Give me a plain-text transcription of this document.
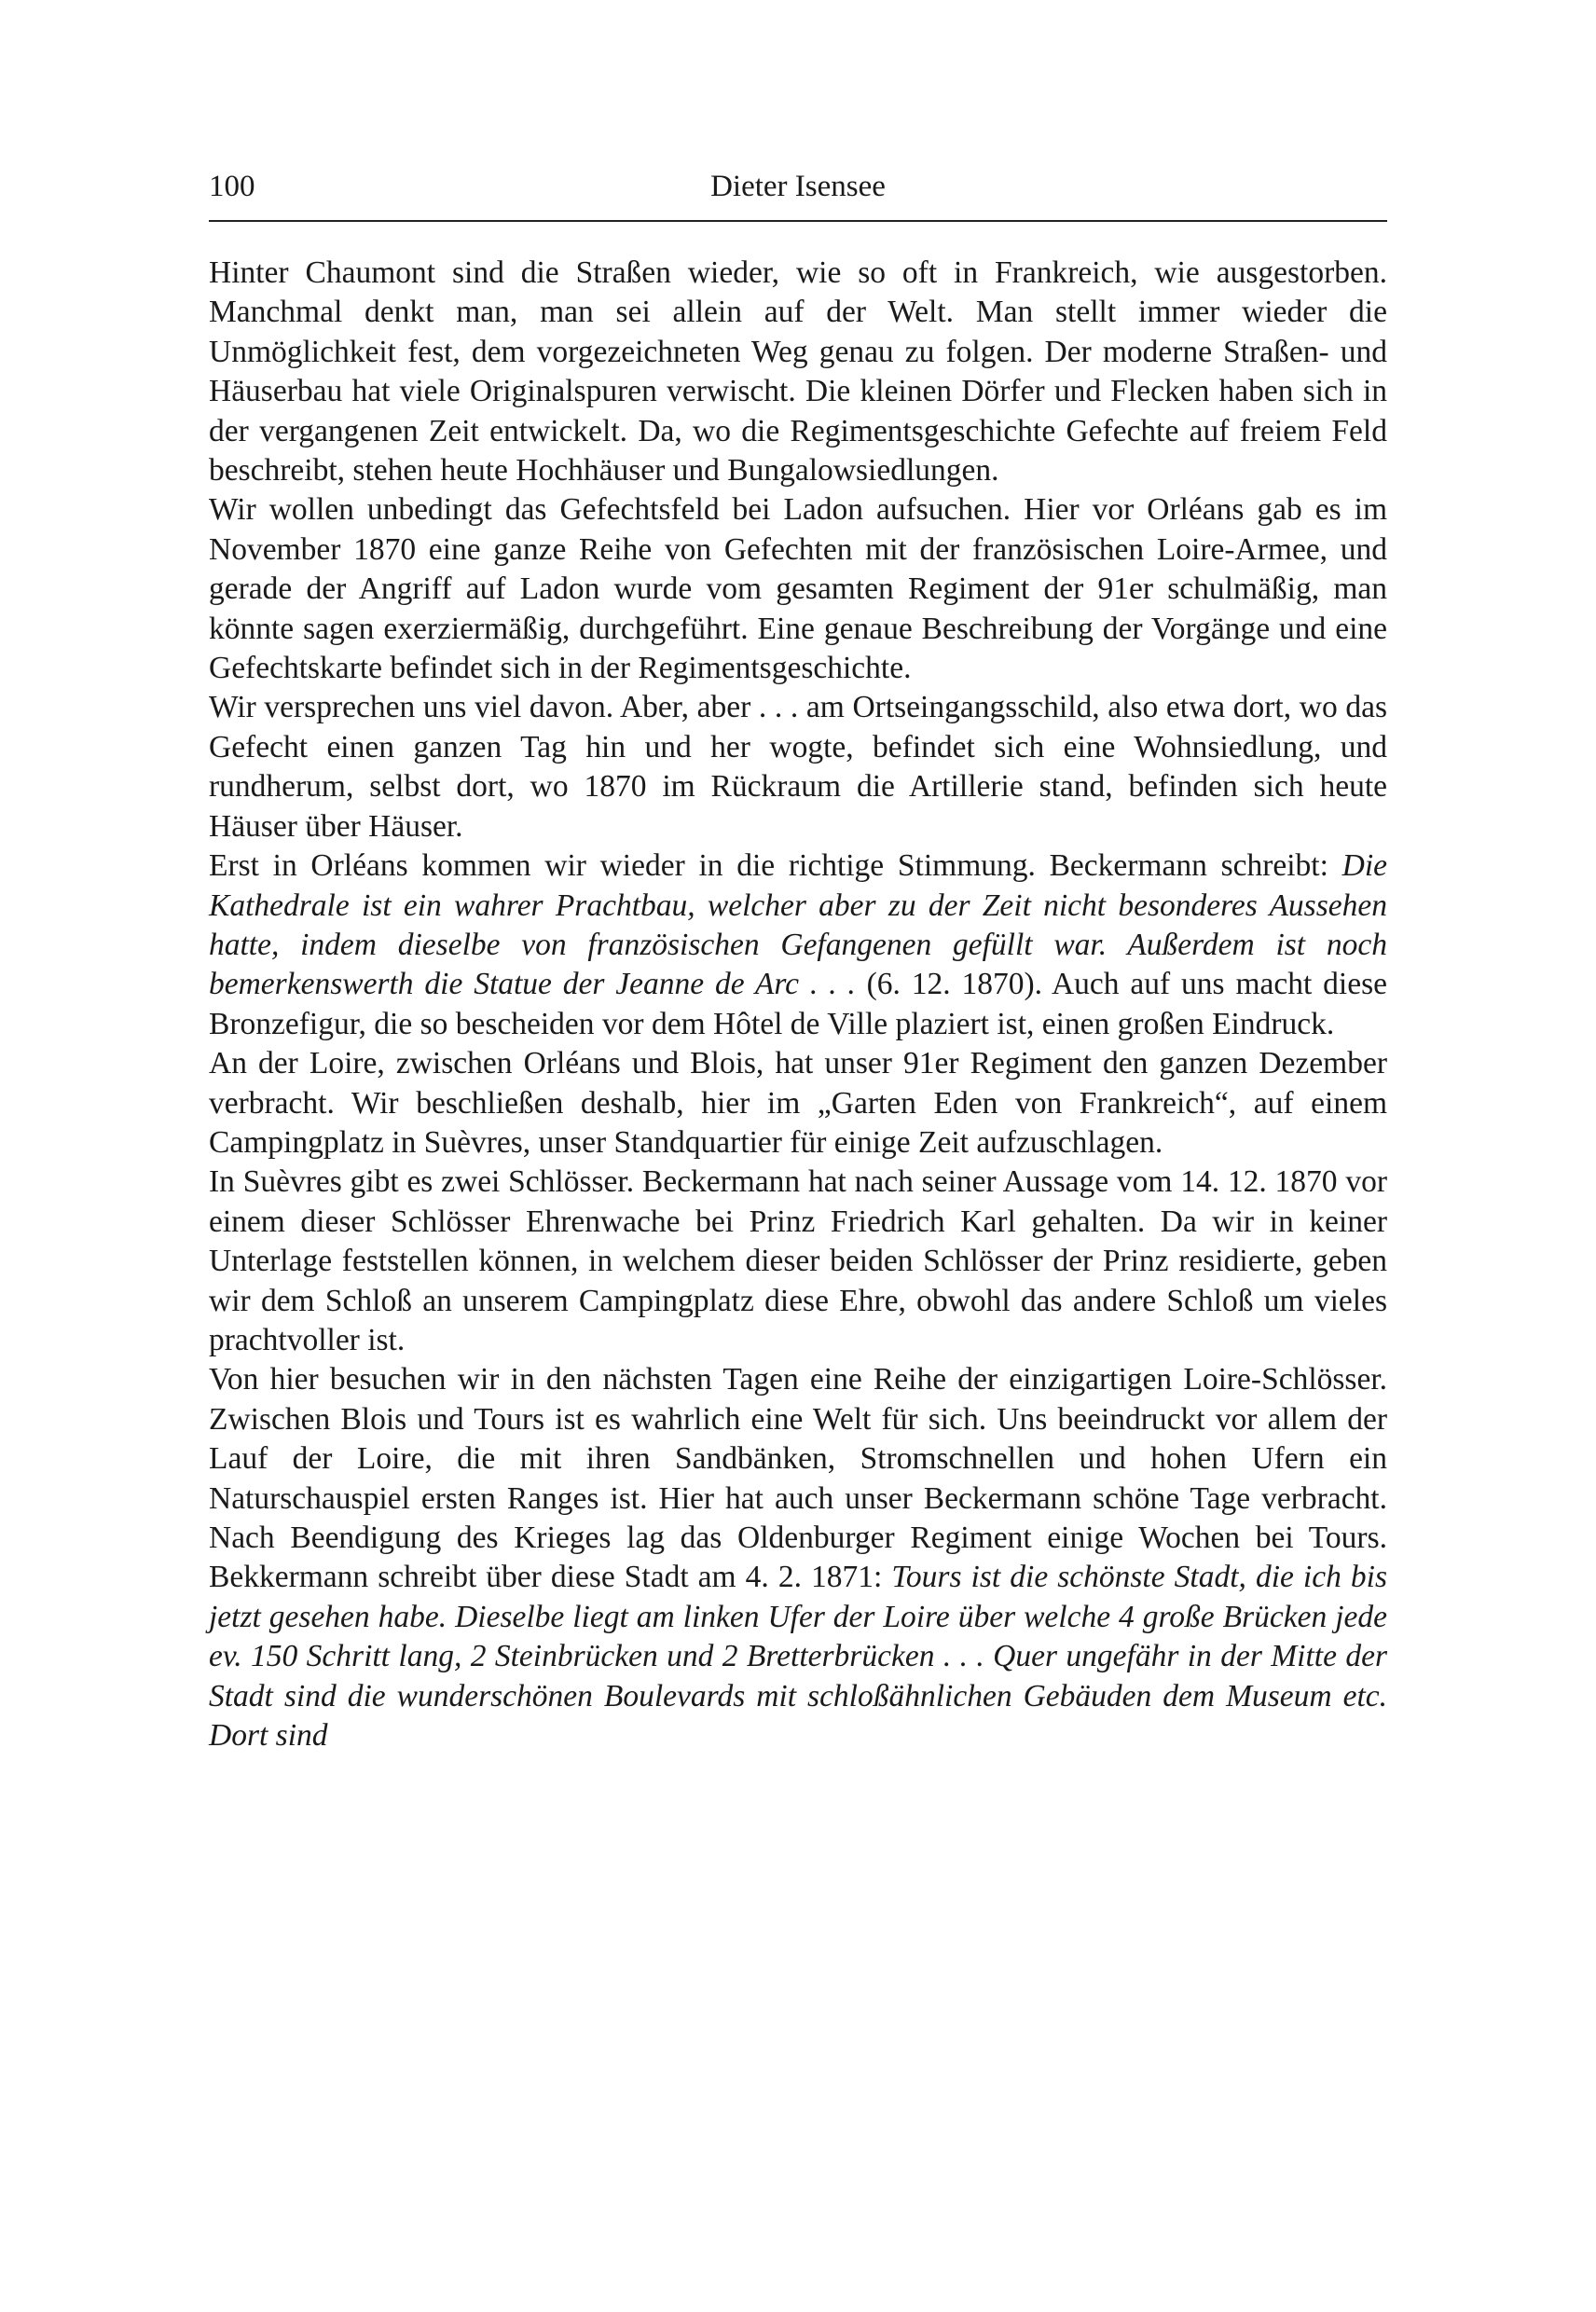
100	Dieter Isensee

Hinter Chaumont sind die Straßen wieder, wie so oft in Frankreich, wie ausgestorben. Manchmal denkt man, man sei allein auf der Welt. Man stellt immer wieder die Unmöglichkeit fest, dem vorgezeichneten Weg genau zu folgen. Der moderne Straßen- und Häuserbau hat viele Originalspuren verwischt. Die kleinen Dörfer und Flecken haben sich in der vergangenen Zeit entwickelt. Da, wo die Regimentsgeschichte Gefechte auf freiem Feld beschreibt, stehen heute Hochhäuser und Bungalowsiedlungen.

Wir wollen unbedingt das Gefechtsfeld bei Ladon aufsuchen. Hier vor Orléans gab es im November 1870 eine ganze Reihe von Gefechten mit der französischen Loire-Armee, und gerade der Angriff auf Ladon wurde vom gesamten Regiment der 91er schulmäßig, man könnte sagen exerziermäßig, durchgeführt. Eine genaue Beschreibung der Vorgänge und eine Gefechtskarte befindet sich in der Regimentsgeschichte.

Wir versprechen uns viel davon. Aber, aber . . . am Ortseingangsschild, also etwa dort, wo das Gefecht einen ganzen Tag hin und her wogte, befindet sich eine Wohnsiedlung, und rundherum, selbst dort, wo 1870 im Rückraum die Artillerie stand, befinden sich heute Häuser über Häuser.

Erst in Orléans kommen wir wieder in die richtige Stimmung. Beckermann schreibt: Die Kathedrale ist ein wahrer Prachtbau, welcher aber zu der Zeit nicht besonderes Aussehen hatte, indem dieselbe von französischen Gefangenen gefüllt war. Außerdem ist noch bemerkenswerth die Statue der Jeanne de Arc . . . (6. 12. 1870). Auch auf uns macht diese Bronzefigur, die so bescheiden vor dem Hôtel de Ville plaziert ist, einen großen Eindruck.

An der Loire, zwischen Orléans und Blois, hat unser 91er Regiment den ganzen Dezember verbracht. Wir beschließen deshalb, hier im „Garten Eden von Frankreich“, auf einem Campingplatz in Suèvres, unser Standquartier für einige Zeit aufzuschlagen.

In Suèvres gibt es zwei Schlösser. Beckermann hat nach seiner Aussage vom 14. 12. 1870 vor einem dieser Schlösser Ehrenwache bei Prinz Friedrich Karl gehalten. Da wir in keiner Unterlage feststellen können, in welchem dieser beiden Schlösser der Prinz residierte, geben wir dem Schloß an unserem Campingplatz diese Ehre, obwohl das andere Schloß um vieles prachtvoller ist.

Von hier besuchen wir in den nächsten Tagen eine Reihe der einzigartigen Loire-Schlösser. Zwischen Blois und Tours ist es wahrlich eine Welt für sich. Uns beeindruckt vor allem der Lauf der Loire, die mit ihren Sandbänken, Stromschnellen und hohen Ufern ein Naturschauspiel ersten Ranges ist. Hier hat auch unser Beckermann schöne Tage verbracht. Nach Beendigung des Krieges lag das Oldenburger Regiment einige Wochen bei Tours. Bekkermann schreibt über diese Stadt am 4. 2. 1871: Tours ist die schönste Stadt, die ich bis jetzt gesehen habe. Dieselbe liegt am linken Ufer der Loire über welche 4 große Brücken jede ev. 150 Schritt lang, 2 Steinbrücken und 2 Bretterbrücken . . . Quer ungefähr in der Mitte der Stadt sind die wunderschönen Boulevards mit schloßähnlichen Gebäuden dem Museum etc. Dort sind
